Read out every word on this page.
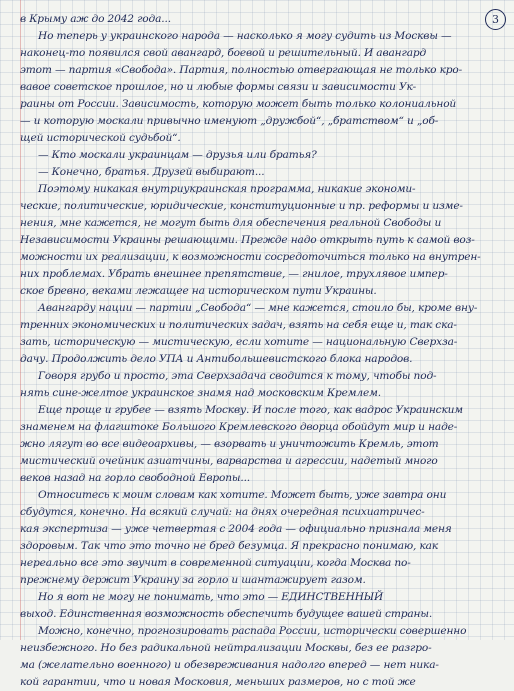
3
в Крыму аж до 2042 года...
Но теперь у украинского народа — насколько я могу судить из Москвы —
наконец-то появился свой авангард, боевой и решительный. И авангард
этот — партия «Свобода». Партия, полностью отвергающая не только кро-
вавое советское прошлое, но и любые формы связи и зависимости Ук-
раины от России. Зависимость, которую может быть только колониальной
— и которую москали привычно именуют „дружбой“, „братством“ и „об-
щей исторической судьбой“.
— Кто москали украинцам — друзья или братья?
— Конечно, братья. Друзей выбирают...
Поэтому никакая внутриукраинская программа, никакие экономи-
ческие, политические, юридические, конституционные и пр. реформы и изме-
нения, мне кажется, не могут быть для обеспечения реальной Свободы и
Независимости Украины решающими. Прежде надо открыть путь к самой воз-
можности их реализации, к возможности сосредоточиться только на внутрен-
них проблемах. Убрать внешнее препятствие, — гнилое, трухлявое импер-
ское бревно, веками лежащее на историческом пути Украины.
Авангарду нации — партии „Свобода“ — мне кажется, стоило бы, кроме вну-
тренних экономических и политических задач, взять на себя еще и, так ска-
зать, историческую — мистическую, если хотите — национальную Сверхза-
дачу. Продолжить дело УПА и Антибольшевистского блока народов.
Говоря грубо и просто, эта Сверхзадача сводится к тому, чтобы под-
нять сине-желтое украинское знамя над московским Кремлем.
Еще проще и грубее — взять Москву. И после того, как вадрос Украинским
знаменем на флагштоке Большого Кремлевского дворца обойдут мир и наде-
жно лягут во все видеоархивы, — взорвать и уничтожить Кремль, этот
мистический очейник азиатчины, варварства и агрессии, надетый много
веков назад на горло свободной Европы...
Относитесь к моим словам как хотите. Может быть, уже завтра они
сбудутся, конечно. На всякий случай: на днях очередная психиатричес-
кая экспертиза — уже четвертая с 2004 года — официально признала меня
здоровым. Так что это точно не бред безумца. Я прекрасно понимаю, как
нереально все это звучит в современной ситуации, когда Москва по-
прежнему держит Украину за горло и шантажирует газом.
Но я вот не могу не понимать, что это — ЕДИНСТВЕННЫЙ
выход. Единственная возможность обеспечить будущее вашей страны.
Можно, конечно, прогнозировать распада России, исторически совершенно
неизбежного. Но без радикальной нейтрализации Москвы, без ее разгро-
ма (желательно военного) и обезвреживания надолго вперед — нет ника-
кой гарантии, что и новая Московия, меньших размеров, но с той же
